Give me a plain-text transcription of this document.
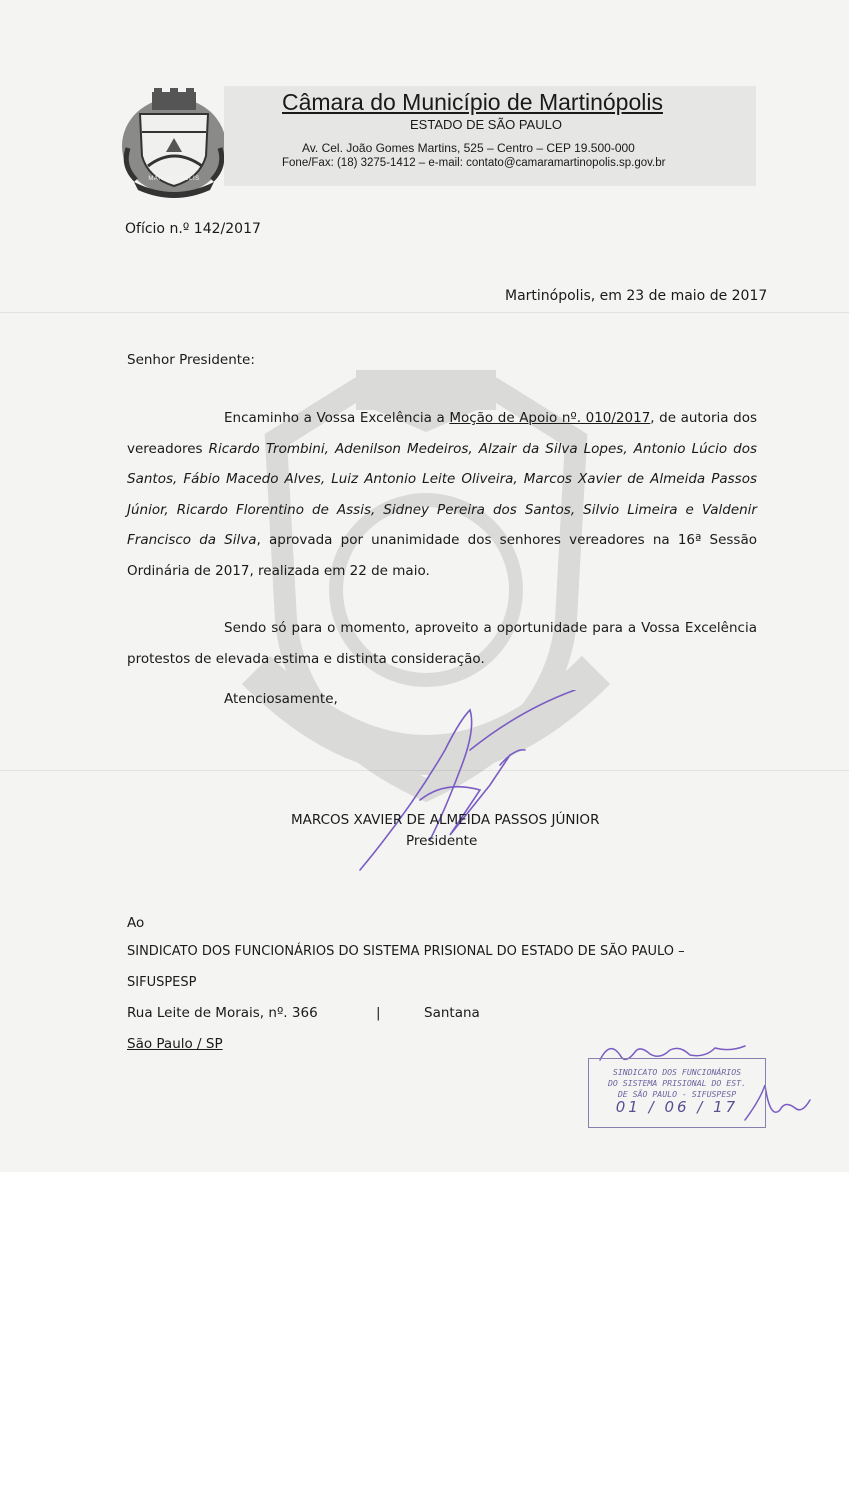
MARTINÓPOLIS
Câmara do Município de Martinópolis
ESTADO DE SÃO PAULO
Av. Cel. João Gomes Martins, 525 – Centro – CEP 19.500-000
Fone/Fax: (18) 3275-1412 – e-mail: contato@camaramartinopolis.sp.gov.br
Ofício n.º 142/2017
Martinópolis, em 23 de maio de 2017
Senhor Presidente:
Encaminho a Vossa Excelência a Moção de Apoio nº. 010/2017, de autoria dos vereadores Ricardo Trombini, Adenilson Medeiros, Alzair da Silva Lopes, Antonio Lúcio dos Santos, Fábio Macedo Alves, Luiz Antonio Leite Oliveira, Marcos Xavier de Almeida Passos Júnior, Ricardo Florentino de Assis, Sidney Pereira dos Santos, Silvio Limeira e Valdenir Francisco da Silva, aprovada por unanimidade dos senhores vereadores na 16ª Sessão Ordinária de 2017, realizada em 22 de maio.
Sendo só para o momento, aproveito a oportunidade para a Vossa Excelência protestos de elevada estima e distinta consideração.
Atenciosamente,
MARCOS XAVIER DE ALMEIDA PASSOS JÚNIOR
Presidente
Ao
SINDICATO DOS FUNCIONÁRIOS DO SISTEMA PRISIONAL DO ESTADO DE SÃO PAULO –
SIFUSPESP
Rua Leite de Morais, nº. 366	|	Santana
São Paulo / SP
SINDICATO DOS FUNCIONÁRIOS
DO SISTEMA PRISIONAL DO EST.
DE SÃO PAULO - SIFUSPESP
01 / 06 / 17
